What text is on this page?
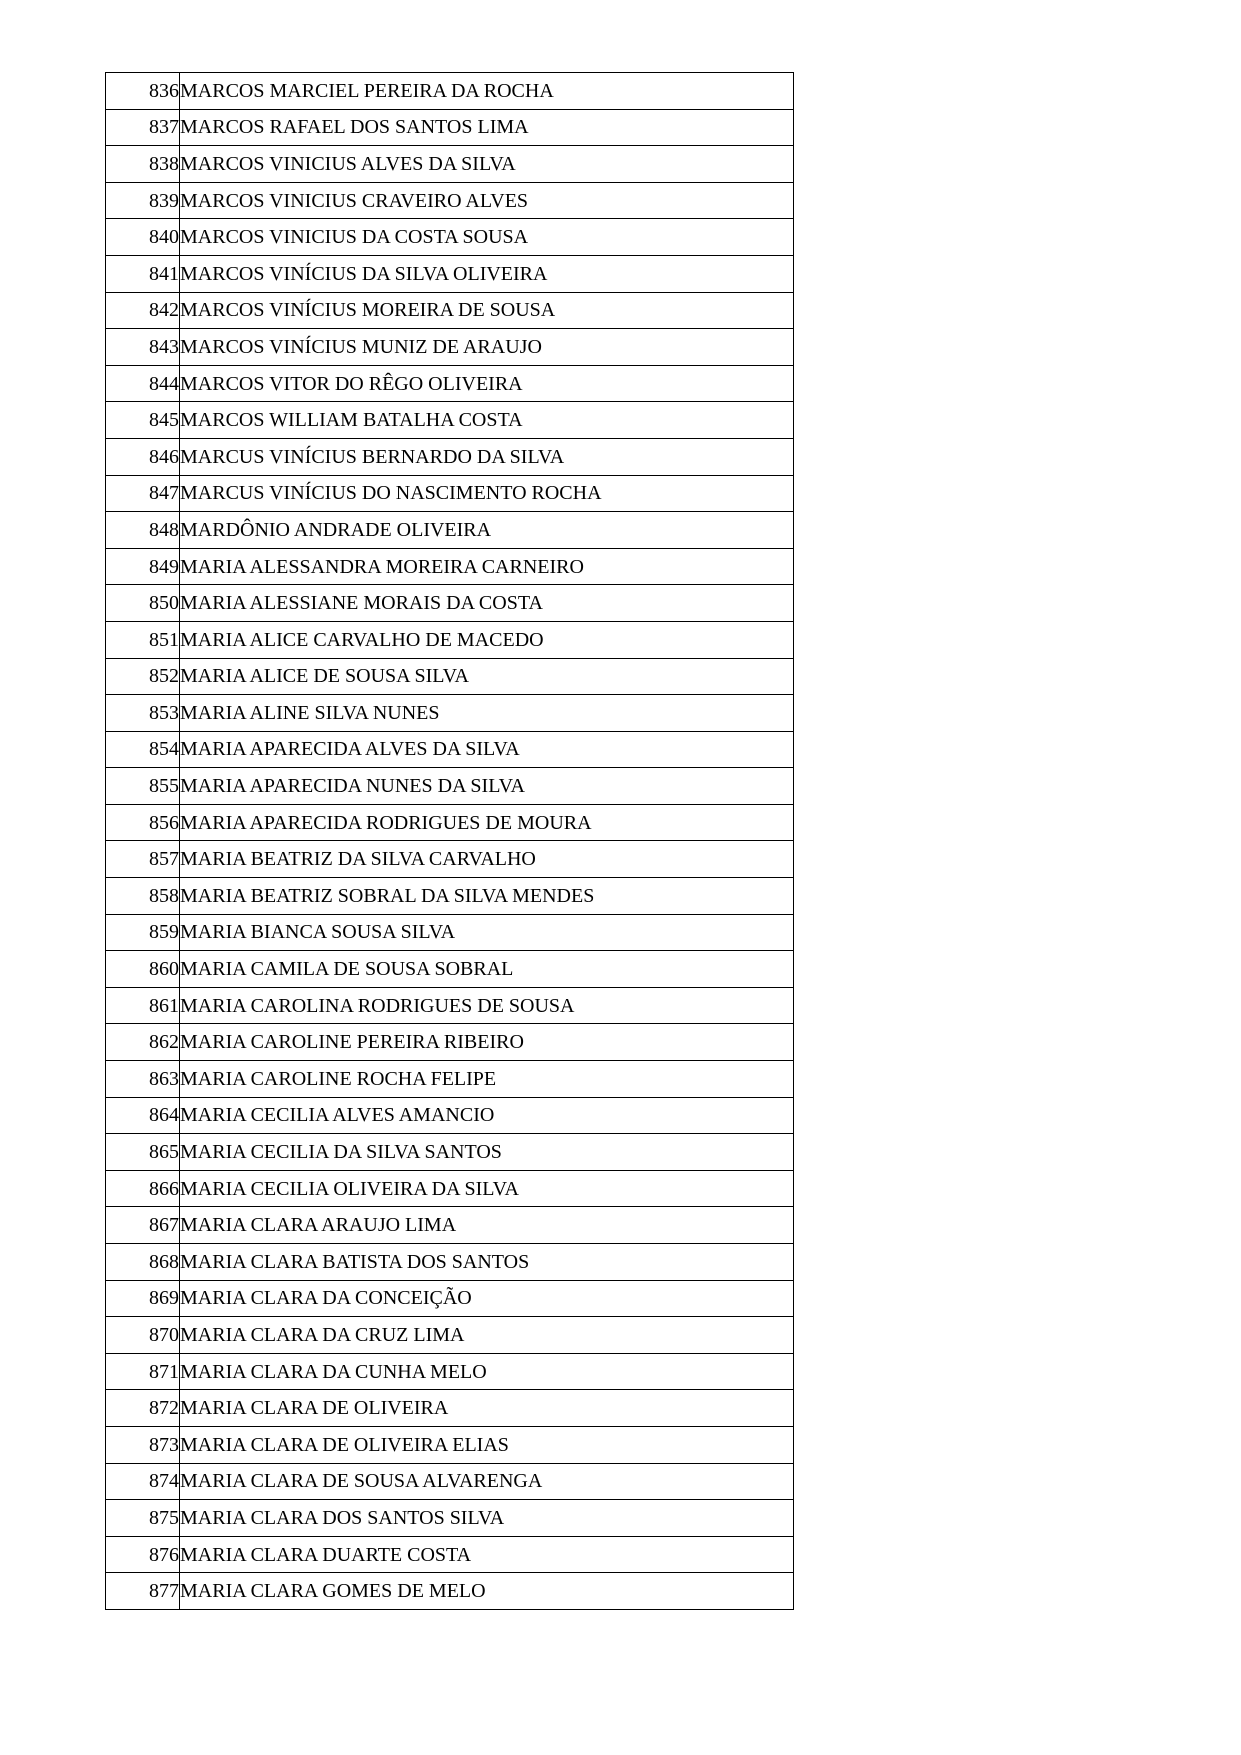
836	MARCOS MARCIEL PEREIRA DA ROCHA
837	MARCOS RAFAEL DOS SANTOS LIMA
838	MARCOS VINICIUS ALVES DA SILVA
839	MARCOS VINICIUS CRAVEIRO ALVES
840	MARCOS VINICIUS DA COSTA SOUSA
841	MARCOS VINÍCIUS DA SILVA OLIVEIRA
842	MARCOS VINÍCIUS MOREIRA DE SOUSA
843	MARCOS VINÍCIUS MUNIZ DE ARAUJO
844	MARCOS VITOR DO RÊGO OLIVEIRA
845	MARCOS WILLIAM BATALHA COSTA
846	MARCUS VINÍCIUS BERNARDO DA SILVA
847	MARCUS VINÍCIUS DO NASCIMENTO ROCHA
848	MARDÔNIO ANDRADE OLIVEIRA
849	MARIA ALESSANDRA MOREIRA CARNEIRO
850	MARIA ALESSIANE MORAIS DA COSTA
851	MARIA ALICE CARVALHO DE MACEDO
852	MARIA ALICE DE SOUSA SILVA
853	MARIA ALINE SILVA NUNES
854	MARIA APARECIDA ALVES DA SILVA
855	MARIA APARECIDA NUNES DA SILVA
856	MARIA APARECIDA RODRIGUES DE MOURA
857	MARIA BEATRIZ DA SILVA CARVALHO
858	MARIA BEATRIZ SOBRAL DA SILVA MENDES
859	MARIA BIANCA SOUSA SILVA
860	MARIA CAMILA DE SOUSA SOBRAL
861	MARIA CAROLINA RODRIGUES DE SOUSA
862	MARIA CAROLINE PEREIRA RIBEIRO
863	MARIA CAROLINE ROCHA FELIPE
864	MARIA CECILIA ALVES AMANCIO
865	MARIA CECILIA DA SILVA SANTOS
866	MARIA CECILIA OLIVEIRA DA SILVA
867	MARIA CLARA ARAUJO LIMA
868	MARIA CLARA BATISTA DOS SANTOS
869	MARIA CLARA DA CONCEIÇÃO
870	MARIA CLARA DA CRUZ LIMA
871	MARIA CLARA DA CUNHA MELO
872	MARIA CLARA DE OLIVEIRA
873	MARIA CLARA DE OLIVEIRA ELIAS
874	MARIA CLARA DE SOUSA ALVARENGA
875	MARIA CLARA DOS SANTOS SILVA
876	MARIA CLARA DUARTE COSTA
877	MARIA CLARA GOMES DE MELO
